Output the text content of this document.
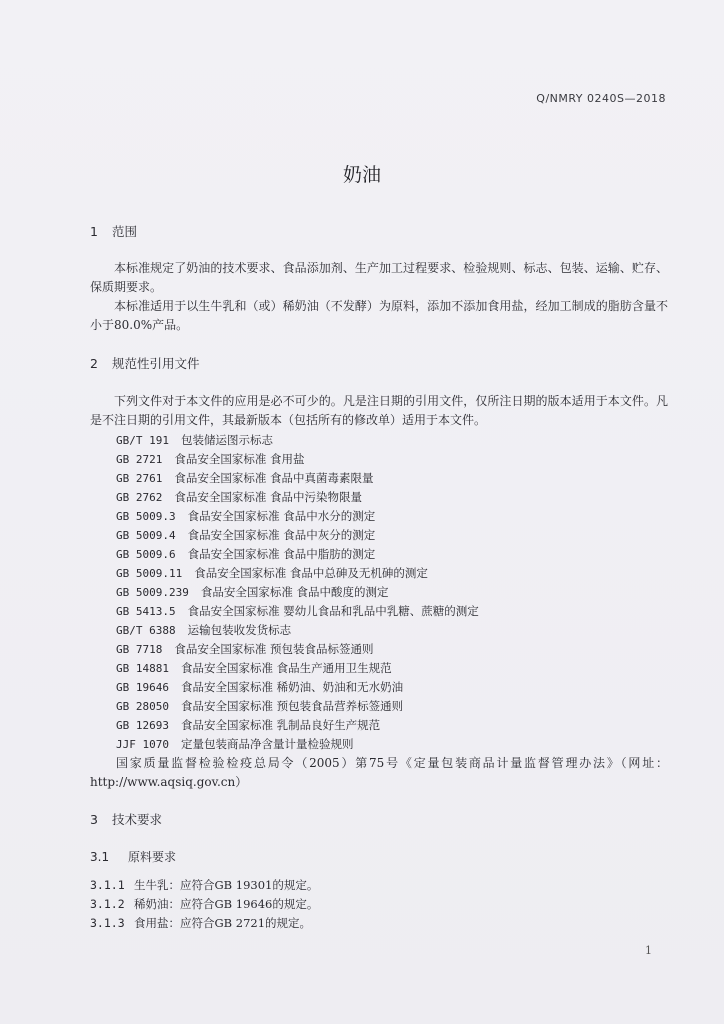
Q/NMRY 0240S—2018
奶油
1 范围
本标准规定了奶油的技术要求、食品添加剂、生产加工过程要求、检验规则、标志、包装、运输、贮存、保质期要求。
本标准适用于以生牛乳和（或）稀奶油（不发酵）为原料，添加不添加食用盐，经加工制成的脂肪含量不小于80.0%产品。
2 规范性引用文件
下列文件对于本文件的应用是必不可少的。凡是注日期的引用文件，仅所注日期的版本适用于本文件。凡是不注日期的引用文件，其最新版本（包括所有的修改单）适用于本文件。
GB/T 191 包装储运图示标志
GB 2721 食品安全国家标准 食用盐
GB 2761 食品安全国家标准 食品中真菌毒素限量
GB 2762 食品安全国家标准 食品中污染物限量
GB 5009.3 食品安全国家标准 食品中水分的测定
GB 5009.4 食品安全国家标准 食品中灰分的测定
GB 5009.6 食品安全国家标准 食品中脂肪的测定
GB 5009.11 食品安全国家标准 食品中总砷及无机砷的测定
GB 5009.239 食品安全国家标准 食品中酸度的测定
GB 5413.5 食品安全国家标准 婴幼儿食品和乳品中乳糖、蔗糖的测定
GB/T 6388 运输包装收发货标志
GB 7718 食品安全国家标准 预包装食品标签通则
GB 14881 食品安全国家标准 食品生产通用卫生规范
GB 19646 食品安全国家标准 稀奶油、奶油和无水奶油
GB 28050 食品安全国家标准 预包装食品营养标签通则
GB 12693 食品安全国家标准 乳制品良好生产规范
JJF 1070 定量包装商品净含量计量检验规则
国家质量监督检验检疫总局令（2005）第75号《定量包装商品计量监督管理办法》（网址：http://www.aqsiq.gov.cn）
3 技术要求
3.1 原料要求
3.1.1 生牛乳：应符合GB 19301的规定。
3.1.2 稀奶油：应符合GB 19646的规定。
3.1.3 食用盐：应符合GB 2721的规定。
1
